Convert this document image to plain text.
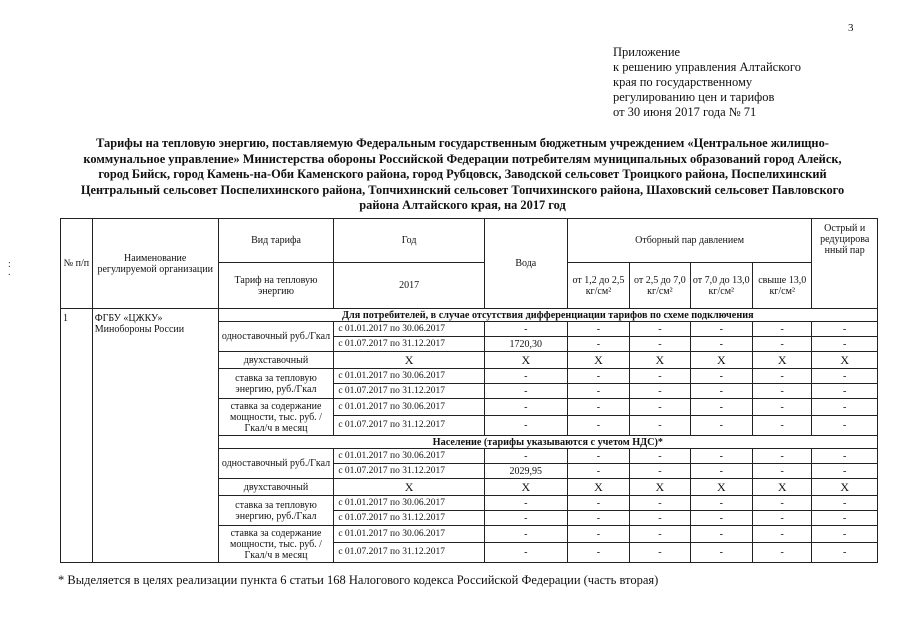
3
Приложение
к решению управления Алтайского
края по государственному
регулированию цен и тарифов
от 30 июня 2017 года № 71
Тарифы на тепловую энергию, поставляемую Федеральным государственным бюджетным учреждением «Центральное жилищно-
коммунальное управление» Министерства обороны Российской Федерации потребителям муниципальных образований город Алейск,
город Бийск, город Камень-на-Оби Каменского района, город Рубцовск, Заводской сельсовет Троицкого района, Поспелихинский
Центральный сельсовет Поспелихинского района, Топчихинский сельсовет Топчихинского района, Шаховский сельсовет Павловского
района Алтайского края, на 2017 год
:
.
№ п/п	Наименование регулируемой организации	Вид тарифа	Год	Вода	Отборный пар давлением				Острый и редуцирова нный пар
		Тариф на тепловую энергию	2017		от 1,2 до 2,5 кг/см²	от 2,5 до 7,0 кг/см²	от 7,0 до 13,0 кг/см²	свыше 13,0 кг/см²	
1	ФГБУ «ЦЖКУ» Минобороны России	Для потребителей, в случае отсутствия дифференциации тарифов по схеме подключения							
		одноставочный руб./Гкал	с 01.01.2017 по 30.06.2017	-	-	-	-	-	-
			с 01.07.2017 по 31.12.2017	1720,30	-	-	-	-	-
		двухставочный	X	X	X	X	X	X	X
		ставка за тепловую энергию, руб./Гкал	с 01.01.2017 по 30.06.2017	-	-	-	-	-	-
			с 01.07.2017 по 31.12.2017	-	-	-	-	-	-
		ставка за содержание мощности, тыс. руб. /Гкал/ч в месяц	с 01.01.2017 по 30.06.2017	-	-	-	-	-	-
			с 01.07.2017 по 31.12.2017	-	-	-	-	-	-
		Население (тарифы указываются с учетом НДС)*							
		одноставочный руб./Гкал	с 01.01.2017 по 30.06.2017	-	-	-	-	-	-
			с 01.07.2017 по 31.12.2017	2029,95	-	-	-	-	-
		двухставочный	X	X	X	X	X	X	X
		ставка за тепловую энергию, руб./Гкал	с 01.01.2017 по 30.06.2017	-	-	-	-	-	-
			с 01.07.2017 по 31.12.2017	-	-	-	-	-	-
		ставка за содержание мощности, тыс. руб. /Гкал/ч в месяц	с 01.01.2017 по 30.06.2017	-	-	-	-	-	-
			с 01.07.2017 по 31.12.2017	-	-	-	-	-	-
* Выделяется в целях реализации пункта 6 статьи 168 Налогового кодекса Российской Федерации (часть вторая)
